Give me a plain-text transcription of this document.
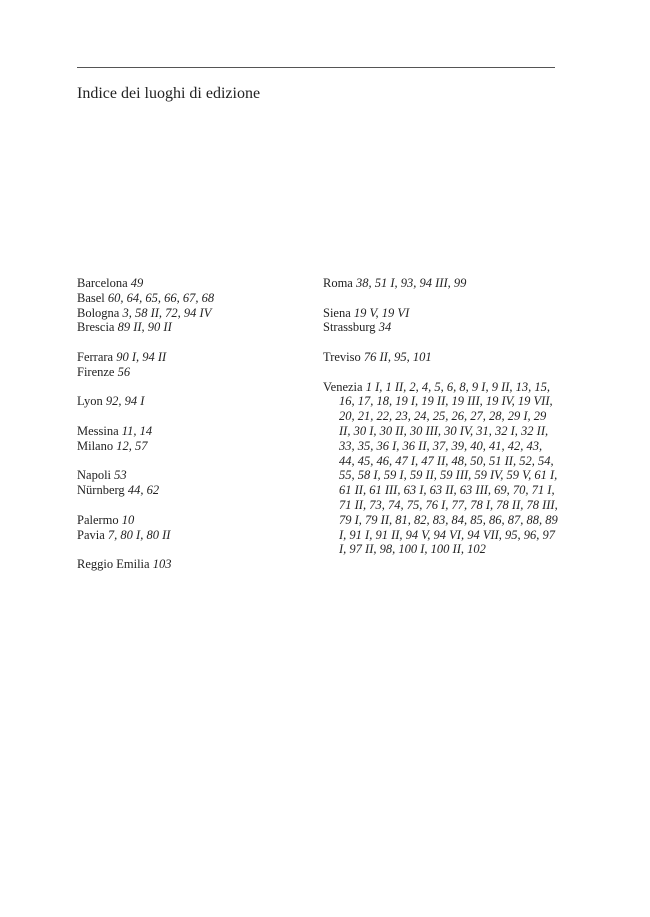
Indice dei luoghi di edizione
Barcelona 49
Basel 60, 64, 65, 66, 67, 68
Bologna 3, 58 II, 72, 94 IV
Brescia 89 II, 90 II
Ferrara 90 I, 94 II
Firenze 56
Lyon 92, 94 I
Messina 11, 14
Milano 12, 57
Napoli 53
Nürnberg 44, 62
Palermo 10
Pavia 7, 80 I, 80 II
Reggio Emilia 103
Roma 38, 51 I, 93, 94 III, 99
Siena 19 V, 19 VI
Strassburg 34
Treviso 76 II, 95, 101
Venezia 1 I, 1 II, 2, 4, 5, 6, 8, 9 I, 9 II, 13, 15, 16, 17, 18, 19 I, 19 II, 19 III, 19 IV, 19 VII, 20, 21, 22, 23, 24, 25, 26, 27, 28, 29 I, 29 II, 30 I, 30 II, 30 III, 30 IV, 31, 32 I, 32 II, 33, 35, 36 I, 36 II, 37, 39, 40, 41, 42, 43, 44, 45, 46, 47 I, 47 II, 48, 50, 51 II, 52, 54, 55, 58 I, 59 I, 59 II, 59 III, 59 IV, 59 V, 61 I, 61 II, 61 III, 63 I, 63 II, 63 III, 69, 70, 71 I, 71 II, 73, 74, 75, 76 I, 77, 78 I, 78 II, 78 III, 79 I, 79 II, 81, 82, 83, 84, 85, 86, 87, 88, 89 I, 91 I, 91 II, 94 V, 94 VI, 94 VII, 95, 96, 97 I, 97 II, 98, 100 I, 100 II, 102
